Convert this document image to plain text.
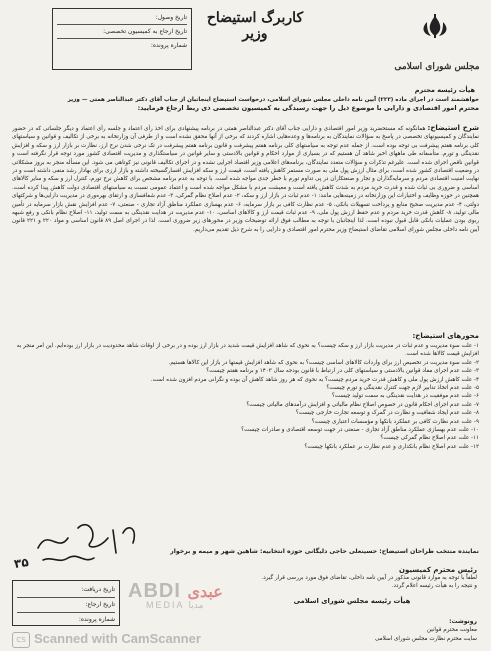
تاریخ وصول:
تاریخ ارجاع به کمیسیون تخصصی:
شماره پرونده:
کاربرگ استیضاح وزیر
مجلس شورای اسلامی
هیأت رئیسه محترم
خواهشمند است در اجرای ماده (۲۲۳) آیین نامه داخلی مجلس شورای اسلامی، درخواست استیضاح اینجانبان از جناب آقای دکتر عبدالناصر همتی — وزیر
محترم امور اقتصادی و دارایی با موضوع ذیل را جهت رسیدگی به کمیسیون تخصصی ذی ربط ارجاع فرمایید:
شرح استیضاح: همانگونه که مستحضرید وزیر امور اقتصادی و دارایی جناب آقای دکتر عبدالناصر همتی در برنامه پیشنهادی برای اخذ رأی اعتماد و جلسه رأی اعتماد و دیگر جلساتی که در حضور نمایندگان و کمیسیونهای تخصصی در پاسخ به سؤالات نمایندگان به برنامه‌ها و وعده‌هایی اشاره کردند که برخی از آنها محقق نشده است و از طرفی آن وزارتخانه به برخی از تکالیف و قوانین و سیاستهای کلی برنامه هفتم پیشرفت بی توجه بوده است. از جمله عدم توجه به سیاستهای کلی برنامه هفتم پیشرفت و قانون برنامه هفتم پیشرفت در تک نرخی شدن نرخ ارز، نظارت بر بازار ارز و سکه و افزایش نقدینگی و تورم. متأسفانه طی ماههای اخیر شاهد آن هستیم که در بسیاری از موارد احکام و قوانین بالادستی و سایر قوانین در سیاستگذاری و مدیریت اقتصادی کشور مورد توجه قرار نگرفته است و قوانین ناقص اجرای شده است. علیرغم تذکرات و سؤالات متعدد نمایندگان، برنامه‌های اعلامی وزیر اقتصاد اجرایی نشده و در اجرای تکالیف قانونی نیز کوتاهی می شود. این مسأله منجر به بروز مشکلاتی در وضعیت اقتصادی کشور شده است، برای مثال ارزش پول ملی به صورت مستمر کاهش یافته است، قیمت ارز و سکه افزایش افسارگسیخته داشته و بازار ارزی برای بهادار رشد منفی داشته است و در نهایت امنیت اقتصادی مردم و سرمایه‌گذاران و تجار و صنعتکاران در پی تداوم تورم با خطر جدی مواجه شده است. با توجه به عدم برنامه مشخص برای کاهش نرخ تورم، کنترل ارز و سکه و سایر کالاهای اساسی و ضروری بی ثبات شده و قدرت خرید مردم به شدت کاهش یافته است و معیشت مردم با مشکل مواجه شده است و اعتماد عمومی نسبت به سیاستهای اقتصادی دولت کاهش پیدا کرده است. همچنین در حوزه وظایف و اختیارات این وزارتخانه در زمینه‌هایی مانند: ۱- عدم ثبات در بازار ارز و سکه، ۲- عدم اصلاح نظام گمرکی، ۳- عدم شفافسازی و ارتقای بهره‌وری در مدیریت دارایی‌ها و شرکتهای دولتی، ۴- عدم مدیریت صحیح منابع و پرداخت تسهیلات بانکی، ۵- عدم نظارت کافی بر بازار سرمایه، ۶- عدم بهسازی عملکرد مناطق آزاد تجاری - صنعتی، ۷- عدم افزایش نقش بازار سرمایه در تأمین مالی تولید، ۸- کاهش قدرت خرید مردم و عدم حفظ ارزش پول ملی، ۹- عدم ثبات قیمت ارز و کالاهای اساسی، ۱۰- عدم مدیریت در هدایت نقدینگی به سمت تولید، ۱۱- اصلاح نظام بانکی و رفع شبهه ربوی بودن عملیات بانکی قابل قبول نبوده است. لذا اینجانبان با توجه به مطالب فوق ارائه توضیحات وزیر در محورهای زیر ضروری است. لذا در اجرای اصل ۸۹ قانون اساسی و مواد ۲۲۰ و ۲۲۱ قانون آیین نامه داخلی مجلس شورای اسلامی تقاضای استیضاح وزیر محترم امور اقتصادی و دارایی را به شرح ذیل تقدیم می‌داریم.
محورهای استیضاح:
۱- علت سوء مدیریت و عدم ثبات در مدیریت بازار ارز و سکه چیست؟ به نحوی که شاهد افزایش قیمت شدید در بازار ارز بوده و در برخی از اوقات شاهد محدودیت در بازار ارز بوده‌ایم. این امر منجر به افزایش قیمت کالاها شده است.
۲- علت سوء مدیریت در تخصیص ارز برای واردات کالاهای اساسی چیست؟ به نحوی که شاهد افزایش قیمتها در بازار این کالاها هستیم.
۳- علت عدم اجرای مفاد قوانین بالادستی و سیاستهای کلی در ارتباط با قانون بودجه سال ۱۴۰۳ و برنامه هفتم چیست؟
۴- علت کاهش ارزش پول ملی و کاهش قدرت خرید مردم چیست؟ به نحوی که هر روز شاهد کاهش آن بوده و نگرانی مردم افزون شده است.
۵- علت عدم اتخاذ تدابیر لازم جهت کنترل نقدینگی و تورم چیست؟
۶- علت عدم موفقیت در هدایت نقدینگی به سمت تولید چیست؟
۷- علت عدم اجرای احکام قانون در خصوص اصلاح نظام مالیاتی و افزایش درآمدهای مالیاتی چیست؟
۸- علت عدم ایجاد شفافیت و نظارت در گمرک و توسعه تجارت خارجی چیست؟
۹- علت عدم نظارت کافی بر عملکرد بانکها و مؤسسات اعتباری چیست؟
۱۰- علت عدم بهسازی عملکرد مناطق آزاد تجاری - صنعتی در جهت توسعه اقتصادی و صادرات چیست؟
۱۱- علت عدم اصلاح نظام گمرکی چیست؟
۱۲- علت عدم اصلاح نظام بانکداری و عدم نظارت بر عملکرد بانکها چیست؟
۳۵
نماینده منتخب طراحان استیضاح: حسینعلی حاجی دلیگانی حوزه انتخابیه: شاهین شهر و میمه و برخوار
رئیس محترم کمیسیون
لطفاً با توجه به موارد قانونی مذکور در آیین نامه داخلی، تقاضای فوق مورد بررسی قرار گیرد.
و نتیجه را به هیأت رئیسه اعلام گردد.
هیأت رئیسه مجلس شورای اسلامی
رونوشت:
معاونت محترم قوانین
سایت محترم نظارت مجلس شورای اسلامی
تاریخ دریافت:
تاریخ ارجاع:
شماره پرونده:
ABDI عبدی
MEDIA مدیا
CS Scanned with CamScanner
